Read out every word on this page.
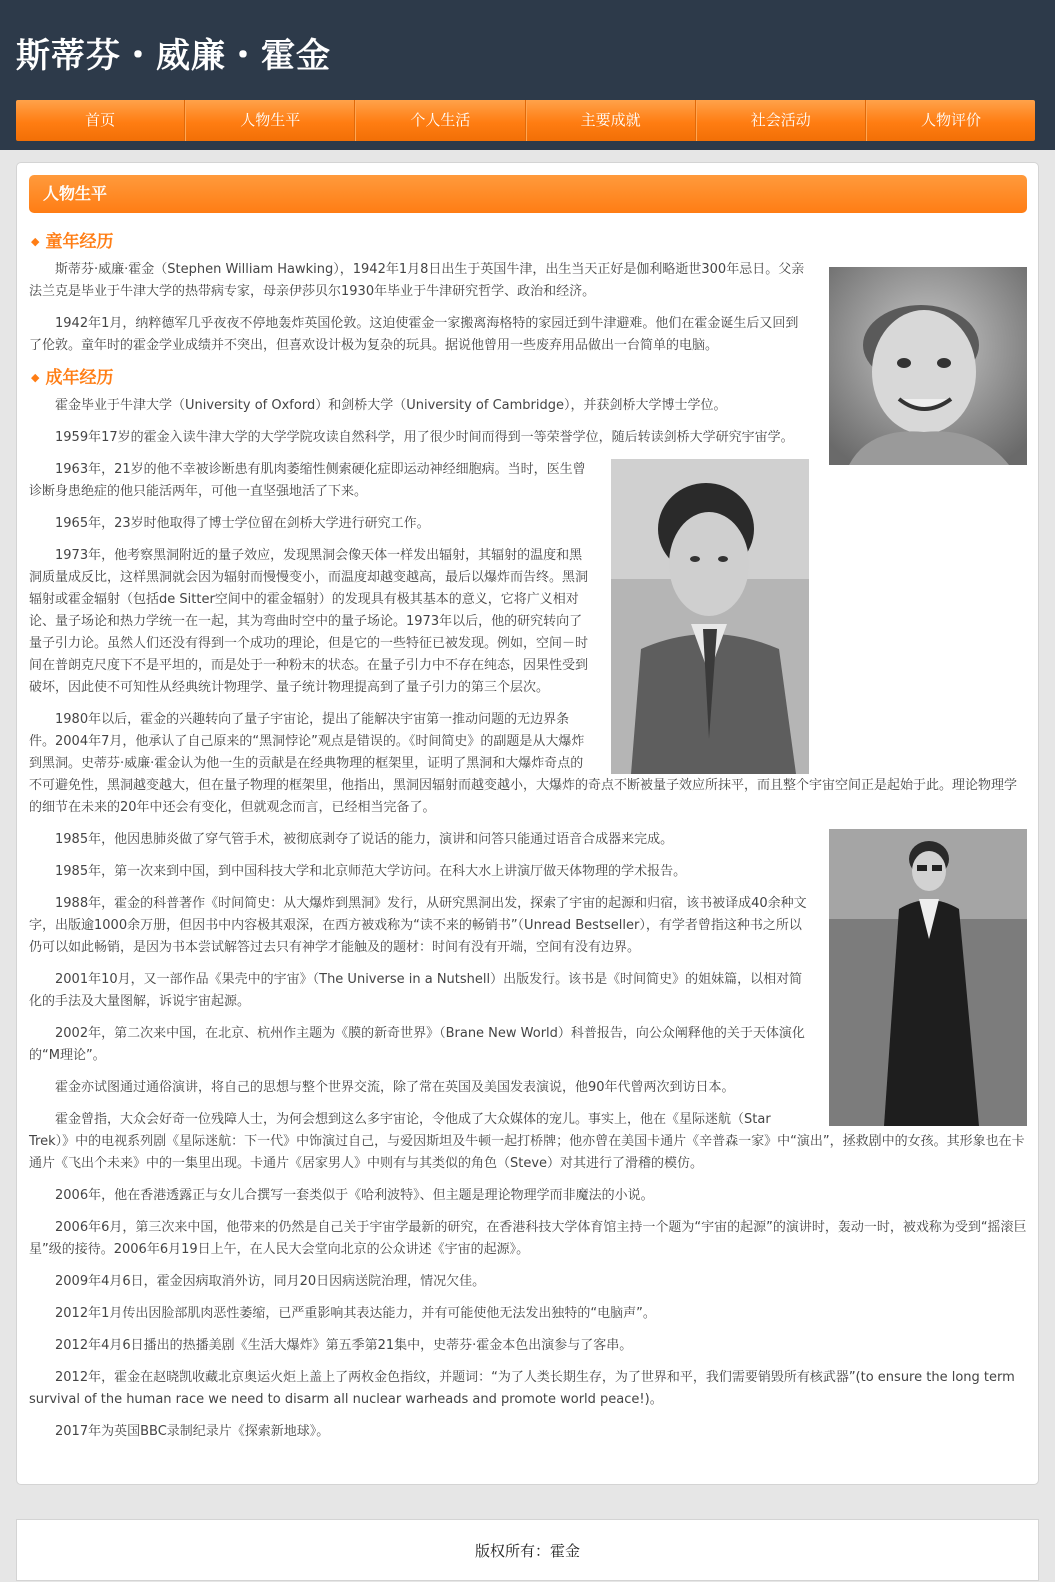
斯蒂芬・威廉・霍金
首页	人物生平	个人生活	主要成就	社会活动	人物评价
人物生平
◆ 童年经历

斯蒂芬·威廉·霍金（Stephen William Hawking），1942年1月8日出生于英国牛津，出生当天正好是伽利略逝世300年忌日。父亲法兰克是毕业于牛津大学的热带病专家，母亲伊莎贝尔1930年毕业于牛津研究哲学、政治和经济。

1942年1月，纳粹德军几乎夜夜不停地轰炸英国伦敦。这迫使霍金一家搬离海格特的家园迁到牛津避难。他们在霍金诞生后又回到了伦敦。童年时的霍金学业成绩并不突出，但喜欢设计极为复杂的玩具。据说他曾用一些废弃用品做出一台简单的电脑。

◆ 成年经历

霍金毕业于牛津大学（University of Oxford）和剑桥大学（University of Cambridge），并获剑桥大学博士学位。

1959年17岁的霍金入读牛津大学的大学学院攻读自然科学，用了很少时间而得到一等荣誉学位，随后转读剑桥大学研究宇宙学。

1963年，21岁的他不幸被诊断患有肌肉萎缩性侧索硬化症即运动神经细胞病。当时，医生曾诊断身患绝症的他只能活两年，可他一直坚强地活了下来。

1965年，23岁时他取得了博士学位留在剑桥大学进行研究工作。

1973年，他考察黑洞附近的量子效应，发现黑洞会像天体一样发出辐射，其辐射的温度和黑洞质量成反比，这样黑洞就会因为辐射而慢慢变小，而温度却越变越高，最后以爆炸而告终。黑洞辐射或霍金辐射（包括de Sitter空间中的霍金辐射）的发现具有极其基本的意义，它将广义相对论、量子场论和热力学统一在一起，其为弯曲时空中的量子场论。1973年以后，他的研究转向了量子引力论。虽然人们还没有得到一个成功的理论，但是它的一些特征已被发现。例如，空间－时间在普朗克尺度下不是平坦的，而是处于一种粉末的状态。在量子引力中不存在纯态，因果性受到破坏，因此使不可知性从经典统计物理学、量子统计物理提高到了量子引力的第三个层次。

1980年以后，霍金的兴趣转向了量子宇宙论，提出了能解决宇宙第一推动问题的无边界条件。2004年7月，他承认了自己原来的“黑洞悖论”观点是错误的。《时间简史》的副题是从大爆炸到黑洞。史蒂芬·威廉·霍金认为他一生的贡献是在经典物理的框架里，证明了黑洞和大爆炸奇点的不可避免性，黑洞越变越大，但在量子物理的框架里，他指出，黑洞因辐射而越变越小，大爆炸的奇点不断被量子效应所抹平，而且整个宇宙空间正是起始于此。理论物理学的细节在未来的20年中还会有变化，但就观念而言，已经相当完备了。

1985年，他因患肺炎做了穿气管手术，被彻底剥夺了说话的能力，演讲和问答只能通过语音合成器来完成。

1985年，第一次来到中国，到中国科技大学和北京师范大学访问。在科大水上讲演厅做天体物理的学术报告。

1988年，霍金的科普著作《时间简史：从大爆炸到黑洞》发行，从研究黑洞出发，探索了宇宙的起源和归宿，该书被译成40余种文字，出版逾1000余万册，但因书中内容极其艰深，在西方被戏称为“读不来的畅销书”（Unread Bestseller），有学者曾指这种书之所以仍可以如此畅销，是因为书本尝试解答过去只有神学才能触及的题材：时间有没有开端，空间有没有边界。

2001年10月，又一部作品《果壳中的宇宙》（The Universe in a Nutshell）出版发行。该书是《时间简史》的姐妹篇，以相对简化的手法及大量图解，诉说宇宙起源。

2002年，第二次来中国，在北京、杭州作主题为《膜的新奇世界》（Brane New World）科普报告，向公众阐释他的关于天体演化的“M理论”。

霍金亦试图通过通俗演讲，将自己的思想与整个世界交流，除了常在英国及美国发表演说，他90年代曾两次到访日本。

霍金曾指，大众会好奇一位残障人士，为何会想到这么多宇宙论，令他成了大众媒体的宠儿。事实上，他在《星际迷航（Star Trek）》中的电视系列剧《星际迷航：下一代》中饰演过自己，与爱因斯坦及牛顿一起打桥牌；他亦曾在美国卡通片《辛普森一家》中“演出”，拯救剧中的女孩。其形象也在卡通片《飞出个未来》中的一集里出现。卡通片《居家男人》中则有与其类似的角色（Steve）对其进行了滑稽的模仿。

2006年，他在香港透露正与女儿合撰写一套类似于《哈利波特》、但主题是理论物理学而非魔法的小说。

2006年6月，第三次来中国，他带来的仍然是自己关于宇宙学最新的研究，在香港科技大学体育馆主持一个题为“宇宙的起源”的演讲时，轰动一时，被戏称为受到“摇滚巨星”级的接待。2006年6月19日上午，在人民大会堂向北京的公众讲述《宇宙的起源》。

2009年4月6日，霍金因病取消外访，同月20日因病送院治理，情况欠佳。

2012年1月传出因脸部肌肉恶性萎缩，已严重影响其表达能力，并有可能使他无法发出独特的“电脑声”。

2012年4月6日播出的热播美剧《生活大爆炸》第五季第21集中，史蒂芬·霍金本色出演参与了客串。

2012年，霍金在赵晓凯收藏北京奥运火炬上盖上了两枚金色指纹，并题词：“为了人类长期生存，为了世界和平，我们需要销毁所有核武器”(to ensure the long term survival of the human race we need to disarm all nuclear warheads and promote world peace!)。

2017年为英国BBC录制纪录片《探索新地球》。

版权所有：霍金
